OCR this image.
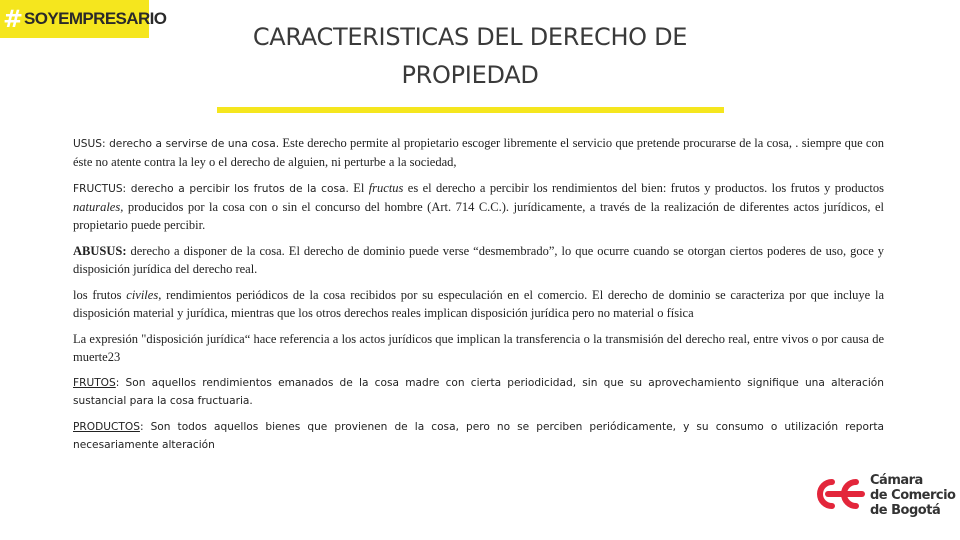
# SOYEMPRESARIO
CARACTERISTICAS DEL DERECHO DE
PROPIEDAD

USUS: derecho a servirse de una cosa. Este derecho permite al propietario escoger libremente el servicio que pretende procurarse de la cosa, . siempre que con éste no atente contra la ley o el derecho de alguien, ni perturbe a la sociedad,

FRUCTUS: derecho a percibir los frutos de la cosa. El fructus es el derecho a percibir los rendimientos del bien: frutos y productos. los frutos y productos naturales, producidos por la cosa con o sin el concurso del hombre (Art. 714 C.C.). jurídicamente, a través de la realización de diferentes actos jurídicos, el propietario puede percibir.

ABUSUS: derecho a disponer de la cosa. El derecho de dominio puede verse “desmembrado”, lo que ocurre cuando se otorgan ciertos poderes de uso, goce y disposición jurídica del derecho real.

los frutos civiles, rendimientos periódicos de la cosa recibidos por su especulación en el comercio. El derecho de dominio se caracteriza por que incluye la disposición material y jurídica, mientras que los otros derechos reales implican disposición jurídica pero no material o física

La expresión "disposición jurídica“ hace referencia a los actos jurídicos que implican la transferencia o la transmisión del derecho real, entre vivos o por causa de muerte23

FRUTOS: Son aquellos rendimientos emanados de la cosa madre con cierta periodicidad, sin que su aprovechamiento signifique una alteración sustancial para la cosa fructuaria.

PRODUCTOS: Son todos aquellos bienes que provienen de la cosa, pero no se perciben periódicamente, y su consumo o utilización reporta necesariamente alteración

Cámara
de Comercio
de Bogotá
